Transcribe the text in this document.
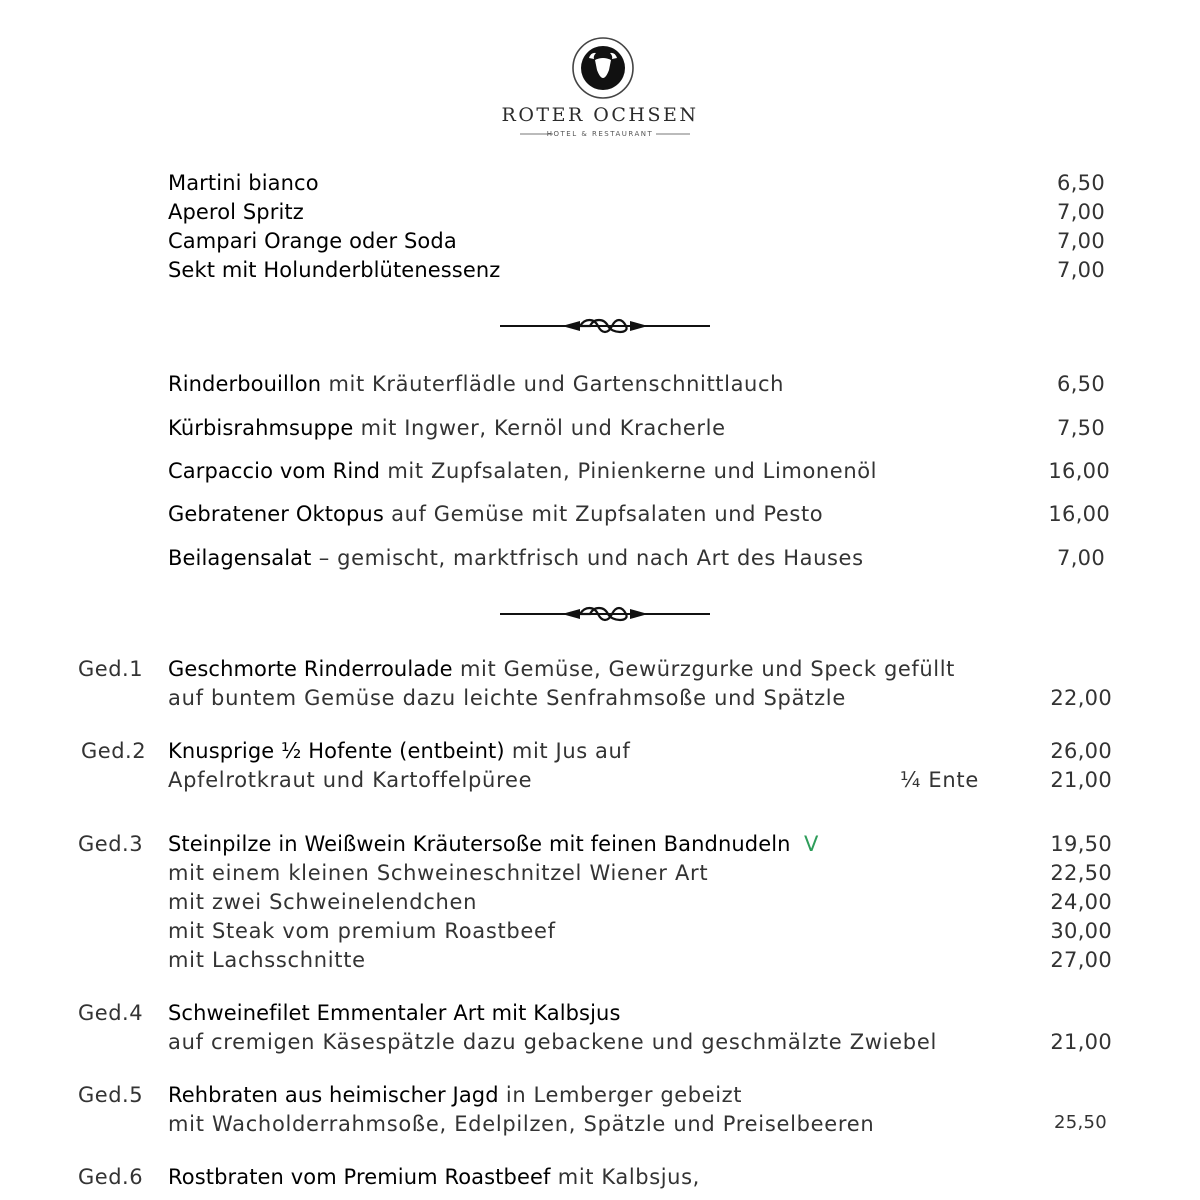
ROTER OCHSEN
HOTEL & RESTAURANT
Martini bianco	6,50
Aperol Spritz	7,00
Campari Orange oder Soda	7,00
Sekt mit Holunderblütenessenz	7,00
Rinderbouillon mit Kräuterflädle und Gartenschnittlauch	6,50
Kürbisrahmsuppe mit Ingwer, Kernöl und Kracherle	7,50
Carpaccio vom Rind mit Zupfsalaten, Pinienkerne und Limonenöl	16,00
Gebratener Oktopus auf Gemüse mit Zupfsalaten und Pesto	16,00
Beilagensalat – gemischt, marktfrisch und nach Art des Hauses	7,00
Ged.1 Geschmorte Rinderroulade mit Gemüse, Gewürzgurke und Speck gefüllt
auf buntem Gemüse dazu leichte Senfrahmsoße und Spätzle	22,00
Ged.2 Knusprige ½ Hofente (entbeint) mit Jus auf	26,00
Apfelrotkraut und Kartoffelpüree	¼ Ente	21,00
Ged.3 Steinpilze in Weißwein Kräutersoße mit feinen Bandnudeln V	19,50
mit einem kleinen Schweineschnitzel Wiener Art	22,50
mit zwei Schweinelendchen	24,00
mit Steak vom premium Roastbeef	30,00
mit Lachsschnitte	27,00
Ged.4 Schweinefilet Emmentaler Art mit Kalbsjus
auf cremigen Käsespätzle dazu gebackene und geschmälzte Zwiebel	21,00
Ged.5 Rehbraten aus heimischer Jagd in Lemberger gebeizt
mit Wacholderrahmsoße, Edelpilzen, Spätzle und Preiselbeeren	25,50
Ged.6 Rostbraten vom Premium Roastbeef mit Kalbsjus,
